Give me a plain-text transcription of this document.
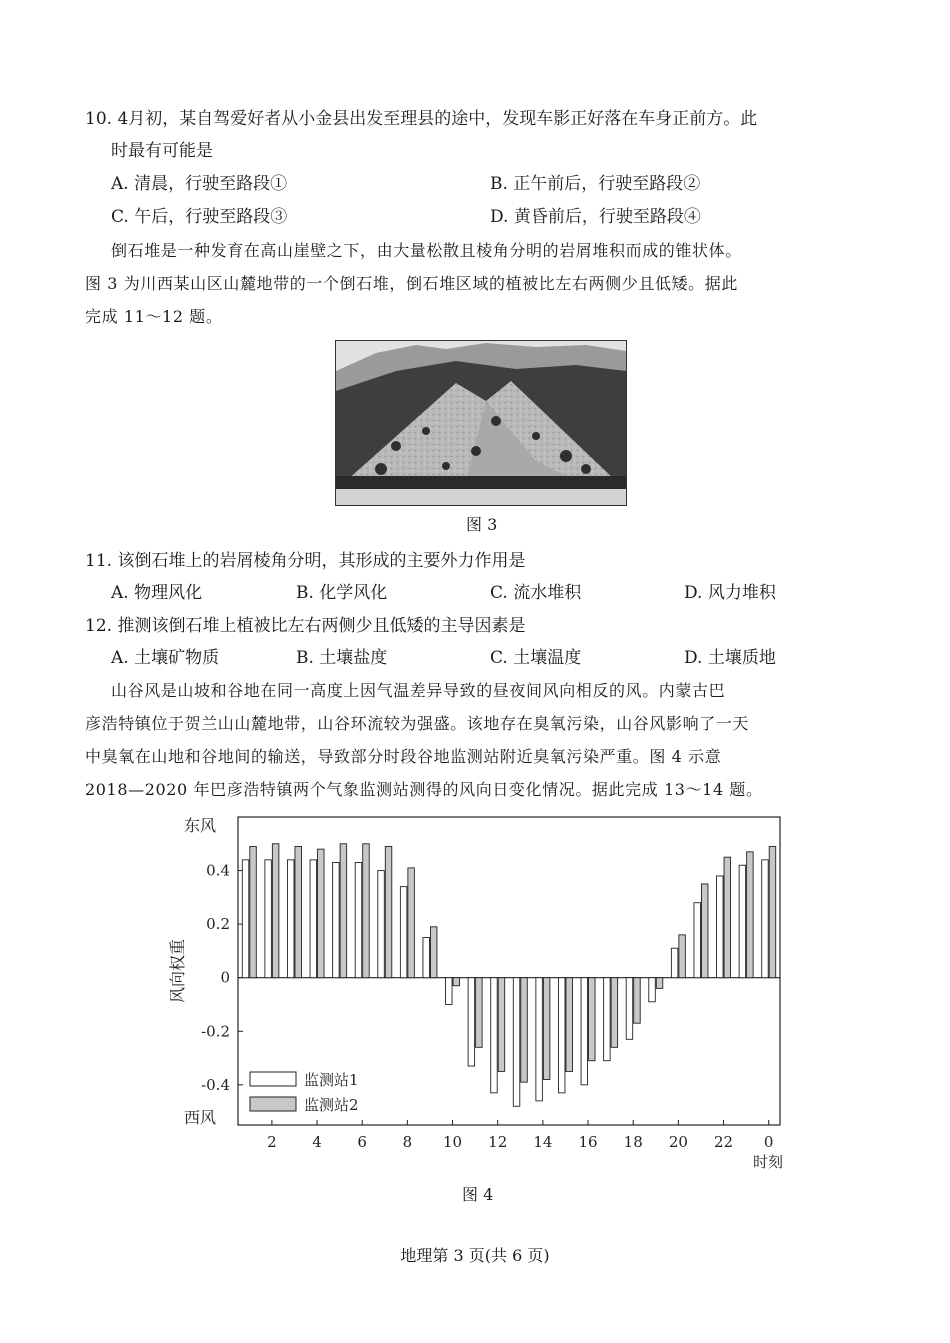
10. 4月初，某自驾爱好者从小金县出发至理县的途中，发现车影正好落在车身正前方。此
时最有可能是
A. 清晨，行驶至路段①	B. 正午前后，行驶至路段②
C. 午后，行驶至路段③	D. 黄昏前后，行驶至路段④
倒石堆是一种发育在高山崖壁之下，由大量松散且棱角分明的岩屑堆积而成的锥状体。
图 3 为川西某山区山麓地带的一个倒石堆，倒石堆区域的植被比左右两侧少且低矮。据此
完成 11～12 题。
图 3
11. 该倒石堆上的岩屑棱角分明，其形成的主要外力作用是
A. 物理风化	B. 化学风化	C. 流水堆积	D. 风力堆积
12. 推测该倒石堆上植被比左右两侧少且低矮的主导因素是
A. 土壤矿物质	B. 土壤盐度	C. 土壤温度	D. 土壤质地
山谷风是山坡和谷地在同一高度上因气温差异导致的昼夜间风向相反的风。内蒙古巴
彦浩特镇位于贺兰山山麓地带，山谷环流较为强盛。该地存在臭氧污染，山谷风影响了一天
中臭氧在山地和谷地间的输送，导致部分时段谷地监测站附近臭氧污染严重。图 4 示意
2018—2020 年巴彦浩特镇两个气象监测站测得的风向日变化情况。据此完成 13～14 题。
0.4
0.2
0
-0.2
-0.4
东风
西风
风向权重
2 4 6 8 10 12 14 16 18 20 22 0
时刻
监测站1
监测站2
图 4
地理第 3 页(共 6 页)
